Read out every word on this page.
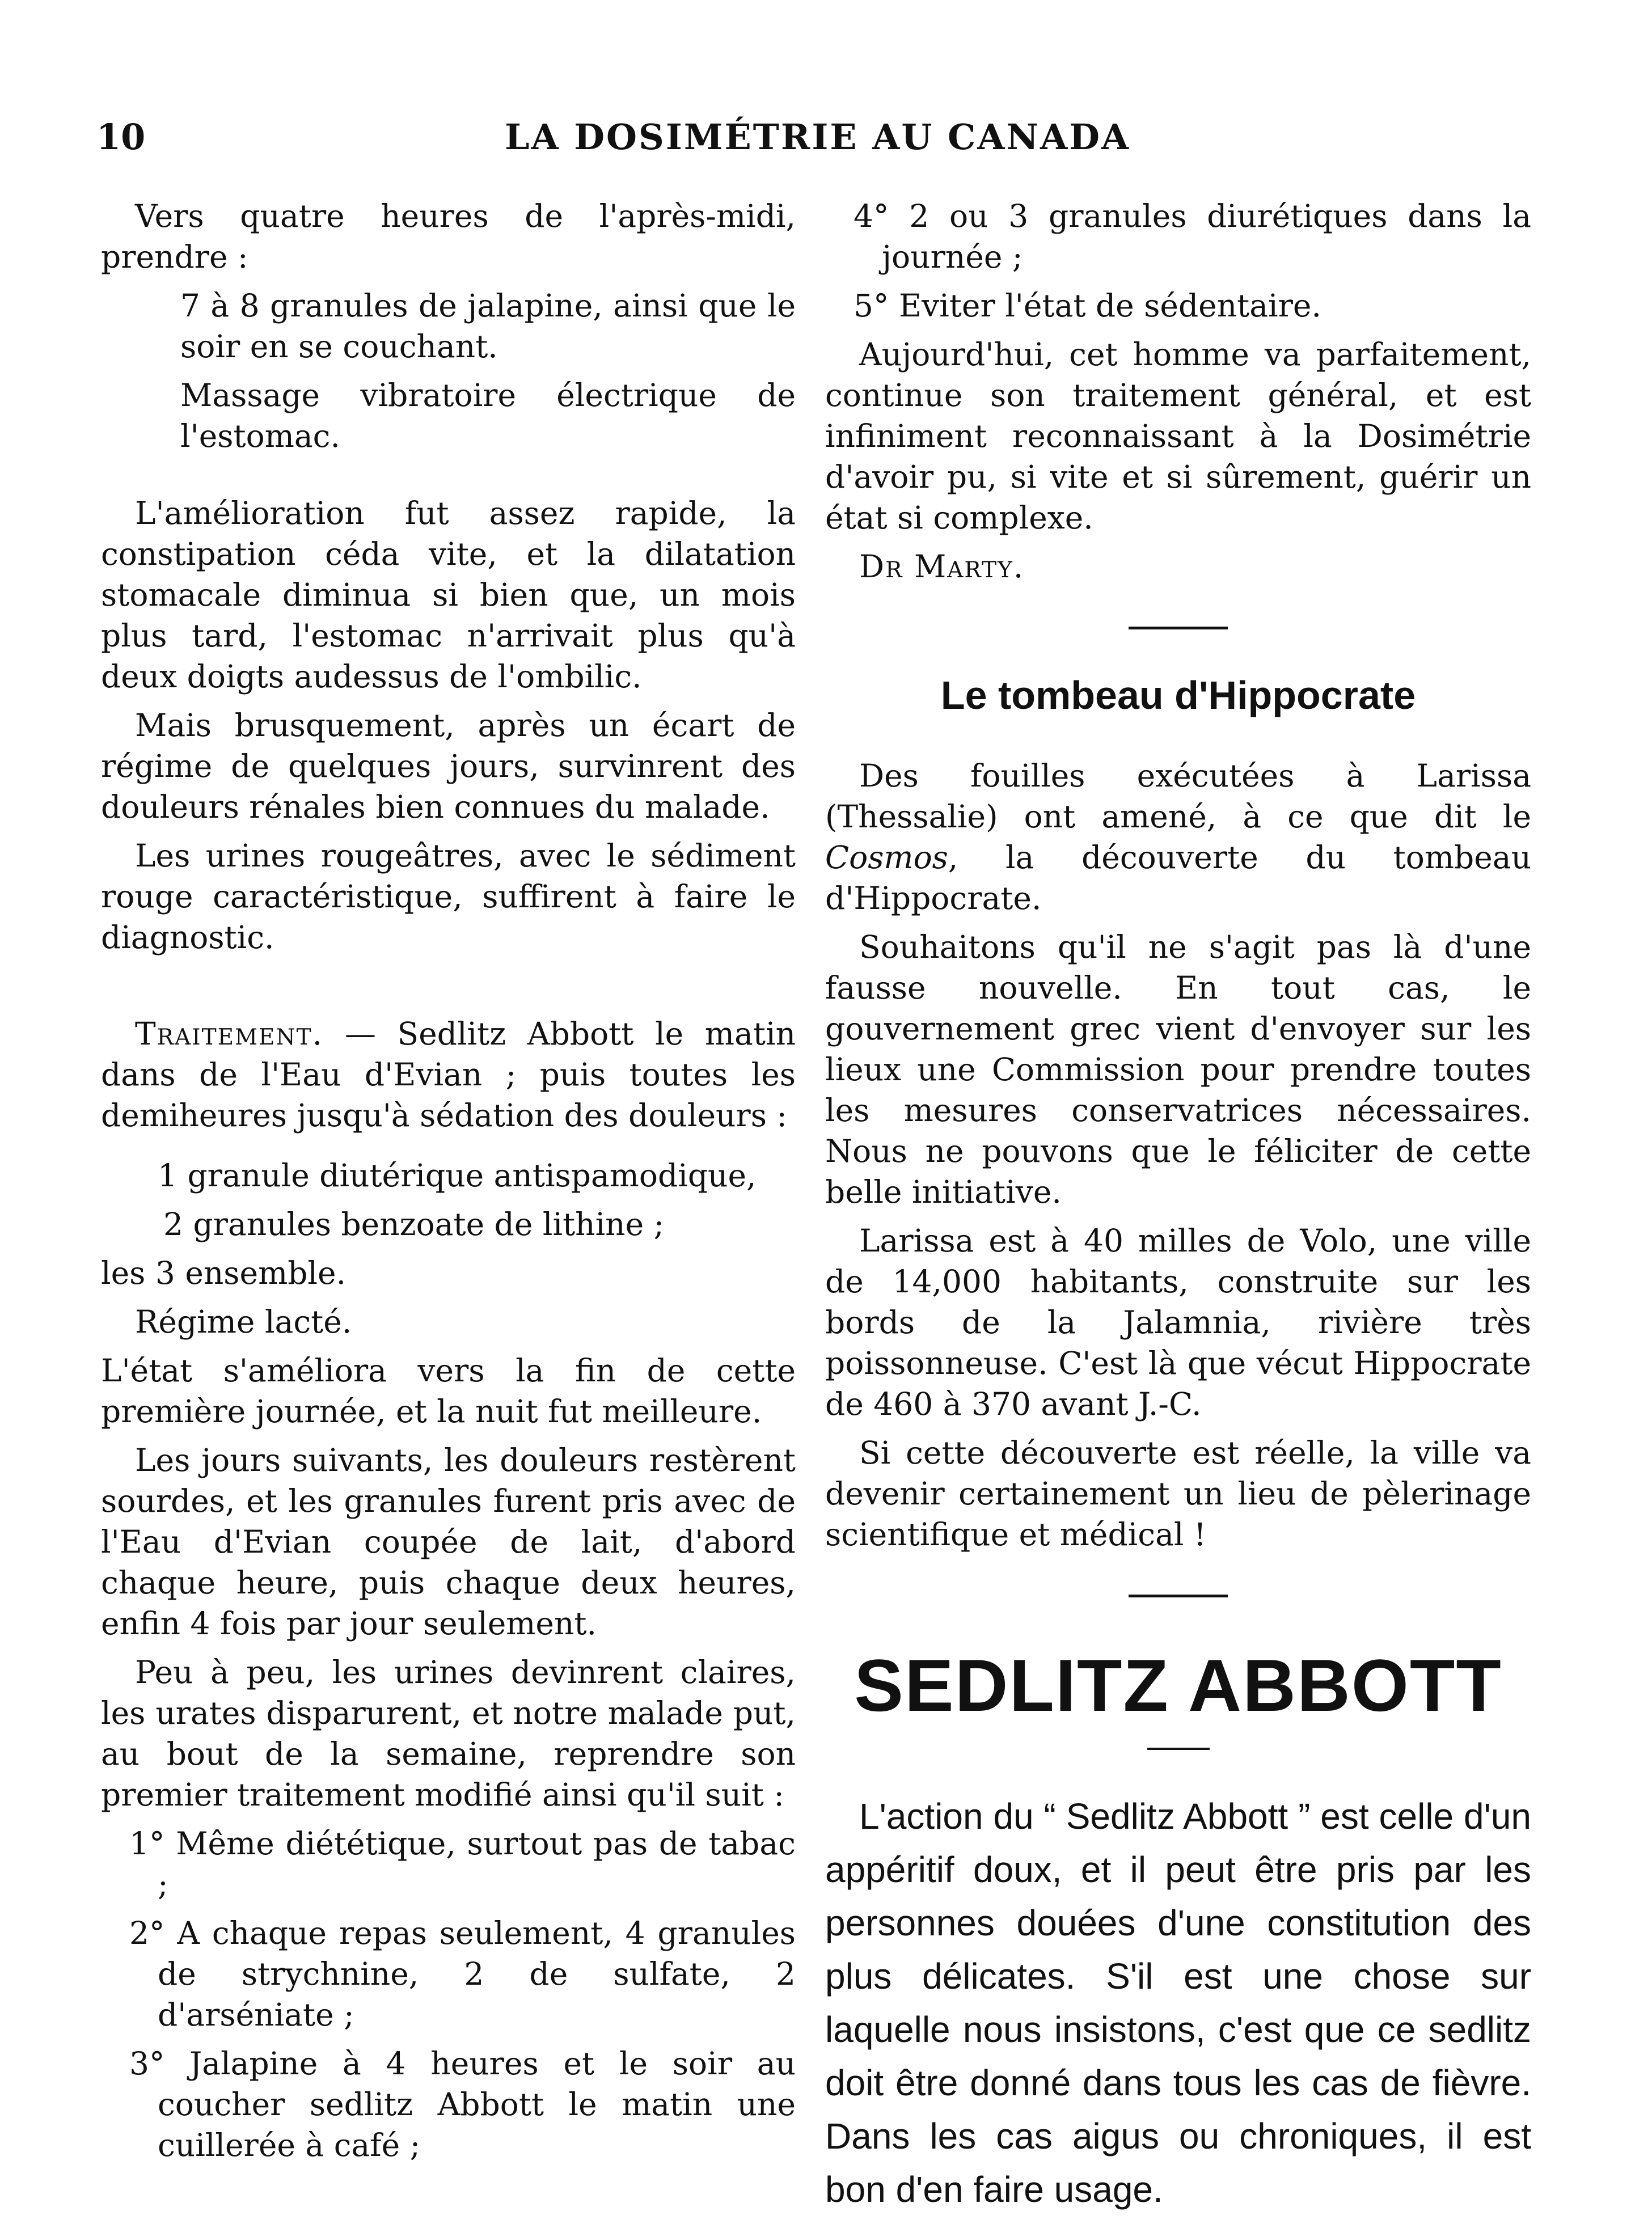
10	LA DOSIMÉTRIE AU CANADA

Vers quatre heures de l'après-midi, prendre :

7 à 8 granules de jalapine, ainsi que le soir en se couchant.

Massage vibratoire électrique de l'estomac.

L'amélioration fut assez rapide, la constipation céda vite, et la dilatation stomacale diminua si bien que, un mois plus tard, l'estomac n'arrivait plus qu'à deux doigts audessus de l'ombilic.

Mais brusquement, après un écart de régime de quelques jours, survinrent des douleurs rénales bien connues du malade.

Les urines rougeâtres, avec le sédiment rouge caractéristique, suffirent à faire le diagnostic.

Traitement. — Sedlitz Abbott le matin dans de l'Eau d'Evian ; puis toutes les demiheures jusqu'à sédation des douleurs :

1 granule diutérique antispamodique,

2 granules benzoate de lithine ;

les 3 ensemble.

Régime lacté.

L'état s'améliora vers la fin de cette première journée, et la nuit fut meilleure.

Les jours suivants, les douleurs restèrent sourdes, et les granules furent pris avec de l'Eau d'Evian coupée de lait, d'abord chaque heure, puis chaque deux heures, enfin 4 fois par jour seulement.

Peu à peu, les urines devinrent claires, les urates disparurent, et notre malade put, au bout de la semaine, reprendre son premier traitement modifié ainsi qu'il suit :

1° Même diététique, surtout pas de tabac ;

2° A chaque repas seulement, 4 granules de strychnine, 2 de sulfate, 2 d'arséniate ;

3° Jalapine à 4 heures et le soir au coucher sedlitz Abbott le matin une cuillerée à café ;

4° 2 ou 3 granules diurétiques dans la journée ;

5° Eviter l'état de sédentaire.

Aujourd'hui, cet homme va parfaitement, continue son traitement général, et est infiniment reconnaissant à la Dosimétrie d'avoir pu, si vite et si sûrement, guérir un état si complexe.

Dr Marty.

Le tombeau d'Hippocrate

Des fouilles exécutées à Larissa (Thessalie) ont amené, à ce que dit le Cosmos, la découverte du tombeau d'Hippocrate.

Souhaitons qu'il ne s'agit pas là d'une fausse nouvelle. En tout cas, le gouvernement grec vient d'envoyer sur les lieux une Commission pour prendre toutes les mesures conservatrices nécessaires. Nous ne pouvons que le féliciter de cette belle initiative.

Larissa est à 40 milles de Volo, une ville de 14,000 habitants, construite sur les bords de la Jalamnia, rivière très poissonneuse. C'est là que vécut Hippocrate de 460 à 370 avant J.-C.

Si cette découverte est réelle, la ville va devenir certainement un lieu de pèlerinage scientifique et médical !

SEDLITZ ABBOTT

L'action du “ Sedlitz Abbott ” est celle d'un appéritif doux, et il peut être pris par les personnes douées d'une constitution des plus délicates. S'il est une chose sur laquelle nous insistons, c'est que ce sedlitz doit être donné dans tous les cas de fièvre. Dans les cas aigus ou chroniques, il est bon d'en faire usage.
